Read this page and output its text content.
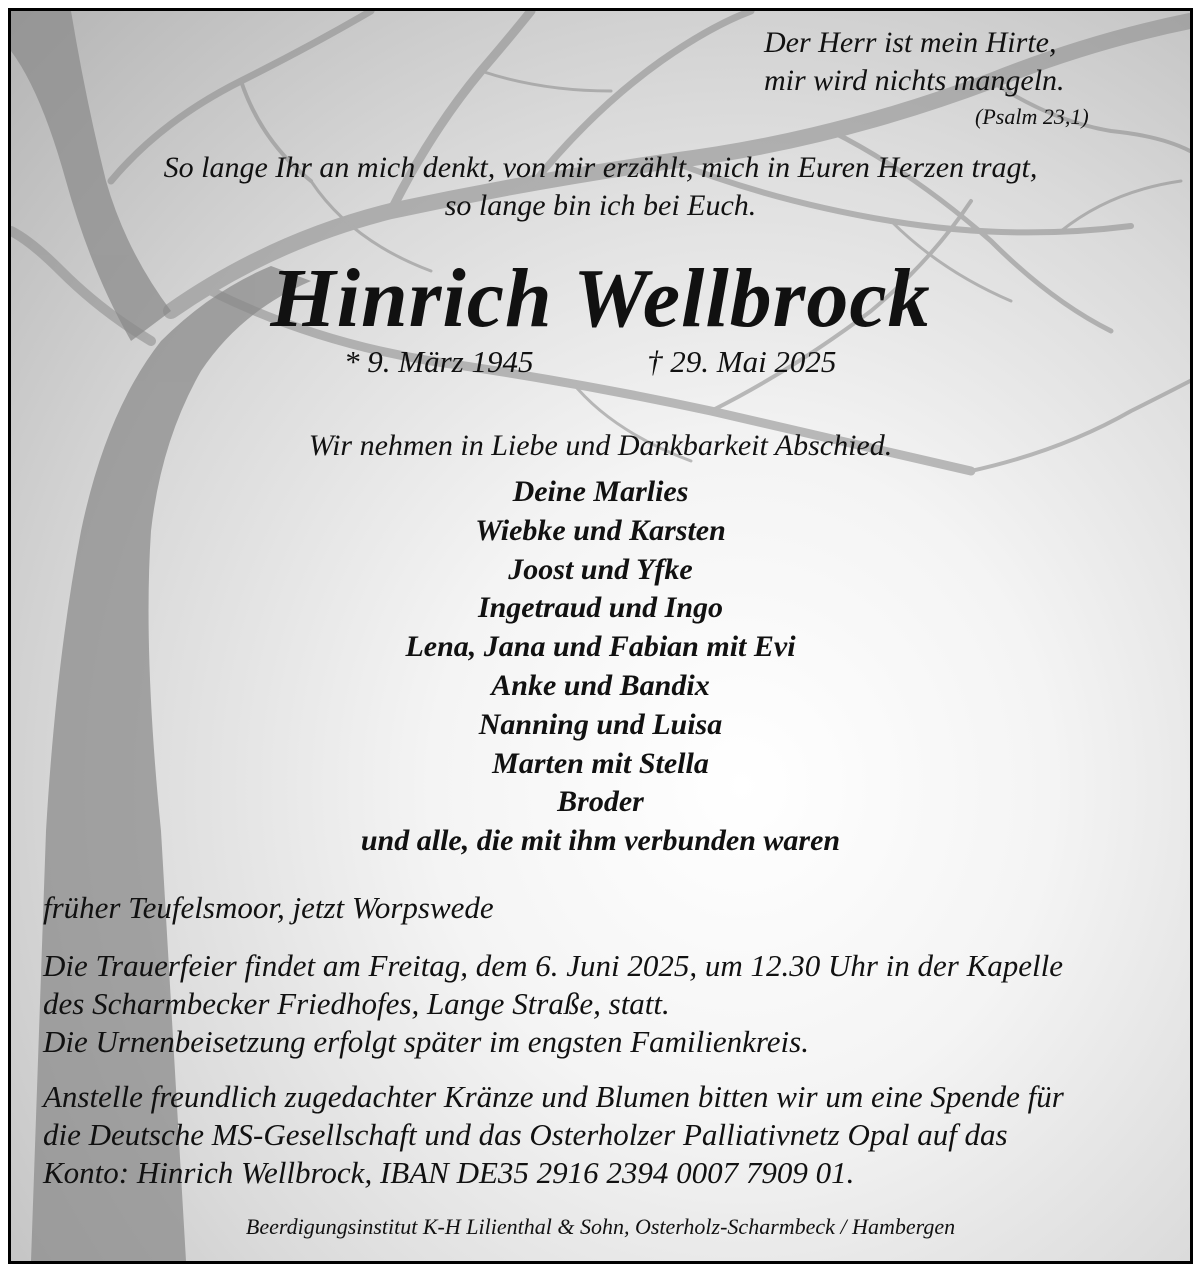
Der Herr ist mein Hirte,
mir wird nichts mangeln.
(Psalm 23,1)
So lange Ihr an mich denkt, von mir erzählt, mich in Euren Herzen tragt,
so lange bin ich bei Euch.
Hinrich Wellbrock
* 9. März 1945	† 29. Mai 2025
Wir nehmen in Liebe und Dankbarkeit Abschied.
Deine Marlies
Wiebke und Karsten
Joost und Yfke
Ingetraud und Ingo
Lena, Jana und Fabian mit Evi
Anke und Bandix
Nanning und Luisa
Marten mit Stella
Broder
und alle, die mit ihm verbunden waren
früher Teufelsmoor, jetzt Worpswede
Die Trauerfeier findet am Freitag, dem 6. Juni 2025, um 12.30 Uhr in der Kapelle
des Scharmbecker Friedhofes, Lange Straße, statt.
Die Urnenbeisetzung erfolgt später im engsten Familienkreis.
Anstelle freundlich zugedachter Kränze und Blumen bitten wir um eine Spende für
die Deutsche MS-Gesellschaft und das Osterholzer Palliativnetz Opal auf das
Konto: Hinrich Wellbrock, IBAN DE35 2916 2394 0007 7909 01.
Beerdigungsinstitut K-H Lilienthal & Sohn, Osterholz-Scharmbeck / Hambergen
